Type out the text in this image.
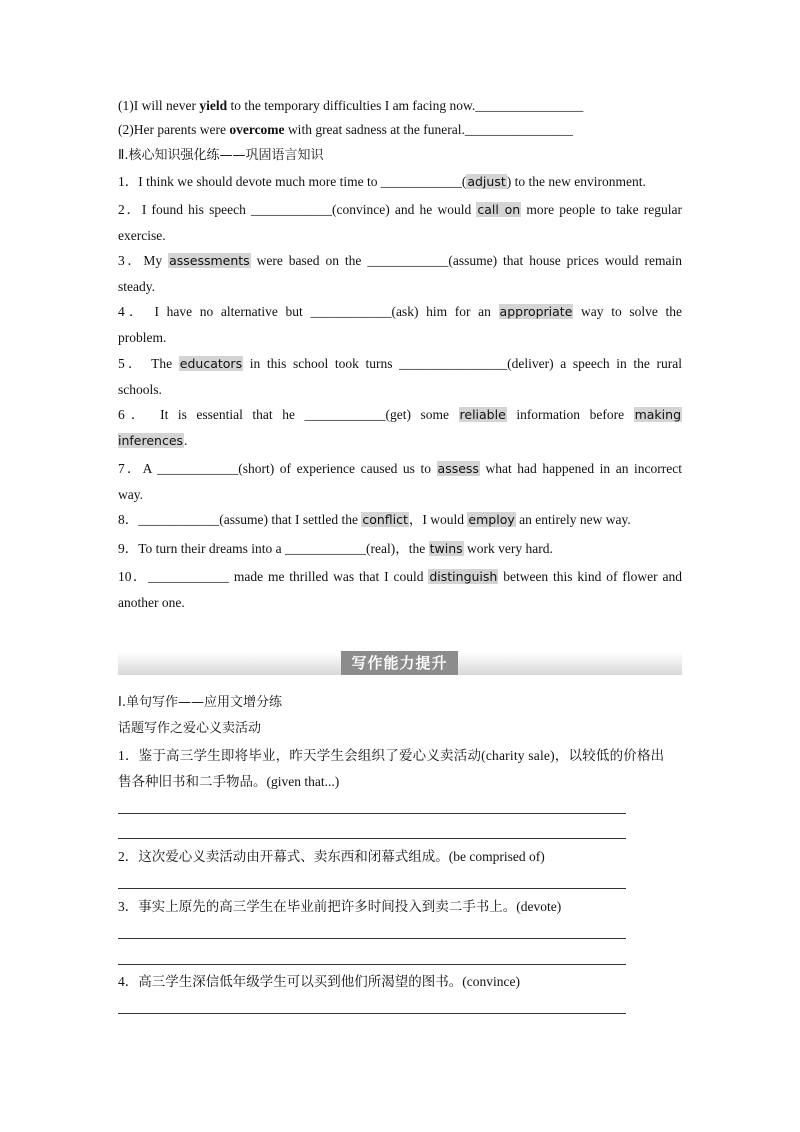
(1)I will never yield to the temporary difficulties I am facing now.________________
(2)Her parents were overcome with great sadness at the funeral.________________
Ⅱ.核心知识强化练——巩固语言知识
1．I think we should devote much more time to ____________(adjust) to the new environment.
2．I found his speech ____________(convince) and he would call on more people to take regular
exercise.
3．My assessments were based on the ____________(assume) that house prices would remain
steady.
4． I have no alternative but ____________(ask) him for an appropriate way to solve the
problem.
5． The educators in this school took turns ________________(deliver) a speech in the rural
schools.
6． It is essential that he ____________(get) some reliable information before making
inferences.
7．A ____________(short) of experience caused us to assess what had happened in an incorrect
way.
8．____________(assume) that I settled the conflict，I would employ an entirely new way.
9．To turn their dreams into a ____________(real)，the twins work very hard.
10．____________ made me thrilled was that I could distinguish between this kind of flower and
another one.
写作能力提升
Ⅰ.单句写作——应用文增分练
话题写作之爱心义卖活动
1．鉴于高三学生即将毕业，昨天学生会组织了爱心义卖活动(charity sale)，以较低的价格出
售各种旧书和二手物品。(given that...)
2．这次爱心义卖活动由开幕式、卖东西和闭幕式组成。(be comprised of)
3．事实上原先的高三学生在毕业前把许多时间投入到卖二手书上。(devote)
4．高三学生深信低年级学生可以买到他们所渴望的图书。(convince)
